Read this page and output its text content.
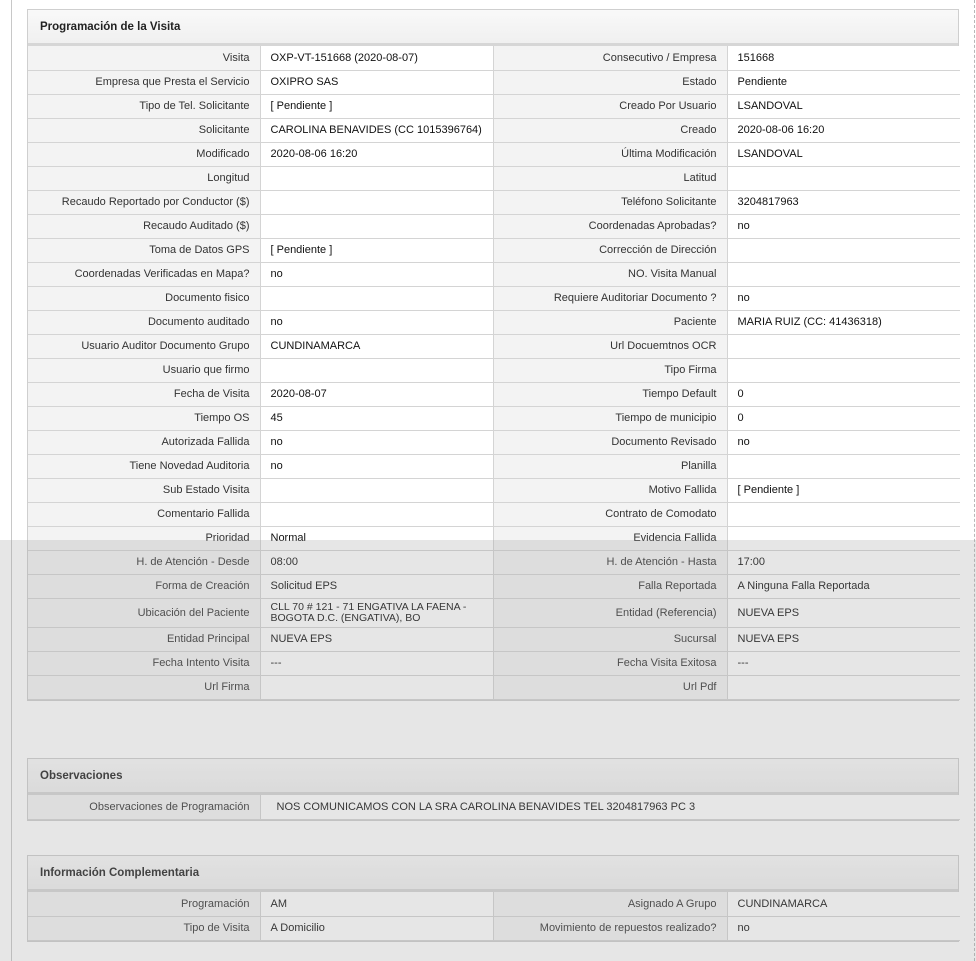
Programación de la Visita
Visita	OXP-VT-151668 (2020-08-07)	Consecutivo / Empresa	151668
Empresa que Presta el Servicio	OXIPRO SAS	Estado	Pendiente
Tipo de Tel. Solicitante	[ Pendiente ]	Creado Por Usuario	LSANDOVAL
Solicitante	CAROLINA BENAVIDES (CC 1015396764)	Creado	2020-08-06 16:20
Modificado	2020-08-06 16:20	Última Modificación	LSANDOVAL
Longitud		Latitud	
Recaudo Reportado por Conductor ($)		Teléfono Solicitante	3204817963
Recaudo Auditado ($)		Coordenadas Aprobadas?	no
Toma de Datos GPS	[ Pendiente ]	Corrección de Dirección	
Coordenadas Verificadas en Mapa?	no	NO. Visita Manual	
Documento fisico		Requiere Auditoriar Documento ?	no
Documento auditado	no	Paciente	MARIA RUIZ (CC: 41436318)
Usuario Auditor Documento Grupo	CUNDINAMARCA	Url Docuemtnos OCR	
Usuario que firmo		Tipo Firma	
Fecha de Visita	2020-08-07	Tiempo Default	0
Tiempo OS	45	Tiempo de municipio	0
Autorizada Fallida	no	Documento Revisado	no
Tiene Novedad Auditoria	no	Planilla	
Sub Estado Visita		Motivo Fallida	[ Pendiente ]
Comentario Fallida		Contrato de Comodato	
Prioridad	Normal	Evidencia Fallida	
H. de Atención - Desde	08:00	H. de Atención - Hasta	17:00
Forma de Creación	Solicitud EPS	Falla Reportada	A Ninguna Falla Reportada
Ubicación del Paciente	CLL 70 # 121 - 71 ENGATIVA LA FAENA - BOGOTA D.C. (ENGATIVA), BO	Entidad (Referencia)	NUEVA EPS
Entidad Principal	NUEVA EPS	Sucursal	NUEVA EPS
Fecha Intento Visita	---	Fecha Visita Exitosa	---
Url Firma		Url Pdf	
Observaciones
Observaciones de Programación	NOS COMUNICAMOS CON LA SRA CAROLINA BENAVIDES TEL 3204817963 PC 3
Información Complementaria
Programación	AM	Asignado A Grupo	CUNDINAMARCA
Tipo de Visita	A Domicilio	Movimiento de repuestos realizado?	no
